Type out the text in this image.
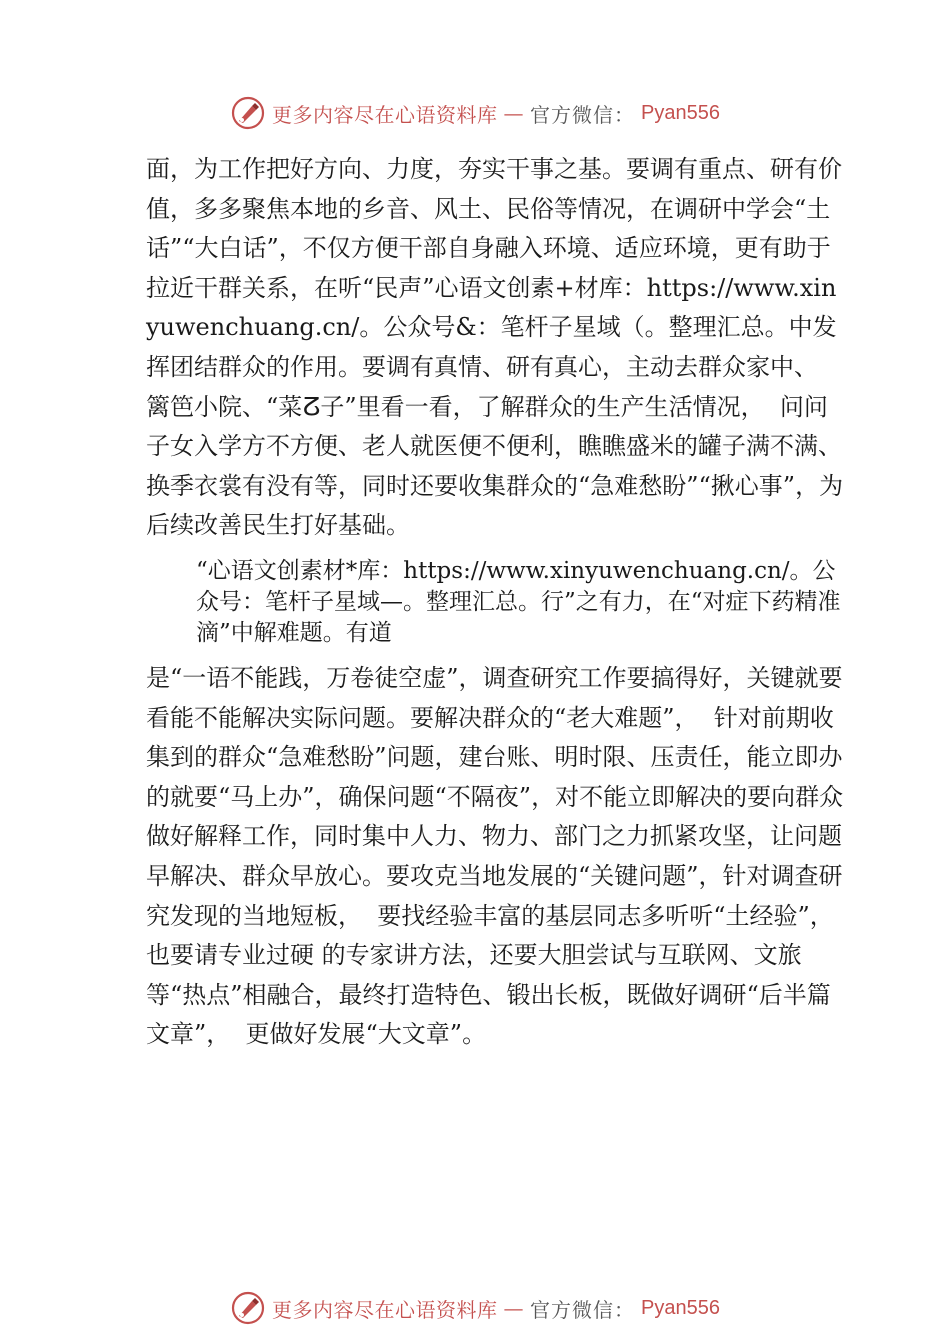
更多内容尽在心语资料库 — 官方微信： Pyan556

面，为工作把好方向、力度，夯实干事之基。要调有重点、研有价值，多多聚焦本地的乡音、风土、民俗等情况，在调研中学会“土话”“大白话”，不仅方便干部自身融入环境、适应环境，更有助于拉近干群关系，在听“民声”心语文创素+材库：https://www.xinyuwenchuang.cn/。公众号&：笔杆子星域（。整理汇总。中发挥团结群众的作用。要调有真情、研有真心，主动去群众家中、  篱笆小院、“菜ⵒ子”里看一看，了解群众的生产生活情况，  问问子女入学方不方便、老人就医便不便利，瞧瞧盛米的罐子满不满、换季衣裳有没有等，同时还要收集群众的“急难愁盼”“揪心事”，为后续改善民生打好基础。

“心语文创素材*库：https://www.xinyuwenchuang.cn/。公众号：笔杆子星域—。整理汇总。行”之有力，在“对症下药精准滴”中解难题。有道

是“一语不能践，万卷徒空虚”，调查研究工作要搞得好，关键就要看能不能解决实际问题。要解决群众的“老大难题”，  针对前期收集到的群众“急难愁盼”问题，建台账、明时限、压责任，能立即办的就要“马上办”，确保问题“不隔夜”，对不能立即解决的要向群众做好解释工作，同时集中人力、物力、部门之力抓紧攻坚，让问题早解决、群众早放心。要攻克当地发展的“关键问题”，针对调查研究发现的当地短板，  要找经验丰富的基层同志多听听“土经验”，也要请专业过硬 的专家讲方法，还要大胆尝试与互联网、文旅等“热点”相融合，最终打造特色、锻出长板，既做好调研“后半篇文章”，  更做好发展“大文章”。

更多内容尽在心语资料库 — 官方微信： Pyan556
